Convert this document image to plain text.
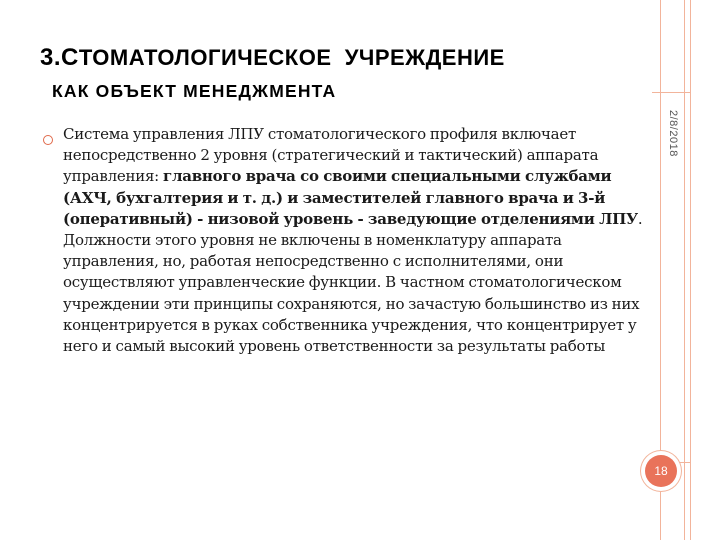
3.СТОМАТОЛОГИЧЕСКОЕ  УЧРЕЖДЕНИЕ
КАК ОБЪЕКТ МЕНЕДЖМЕНТА
2/8/2018
Система управления ЛПУ стоматологического профиля включает непосредственно 2 уровня (стратегический и тактический) аппарата управления: главного врача со своими специальными службами (АХЧ, бухгалтерия и т. д.) и заместителей главного врача и 3-й (оперативный) - низовой уровень - заведующие отделениями ЛПУ. Должности этого уровня не включены в номенклатуру аппарата управления, но, работая непосредственно с исполнителями, они осуществляют управленческие функции. В частном стоматологическом учреждении эти принципы сохраняются, но зачастую большинство из них концентрируется в руках собственника учреждения, что концентрирует у него и самый высокий уровень ответственности за результаты работы
18
